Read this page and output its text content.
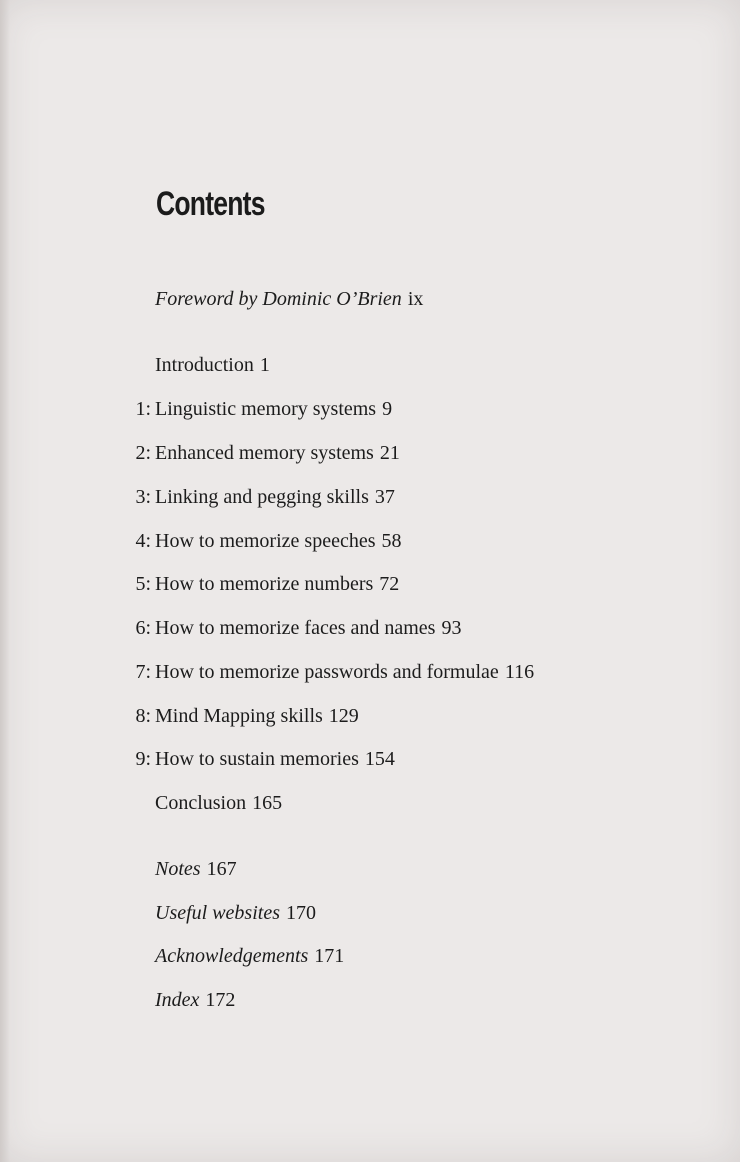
Contents
Foreword by Dominic O’Brien ix
Introduction 1
1: Linguistic memory systems 9
2: Enhanced memory systems 21
3: Linking and pegging skills 37
4: How to memorize speeches 58
5: How to memorize numbers 72
6: How to memorize faces and names 93
7: How to memorize passwords and formulae 116
8: Mind Mapping skills 129
9: How to sustain memories 154
Conclusion 165
Notes 167
Useful websites 170
Acknowledgements 171
Index 172
